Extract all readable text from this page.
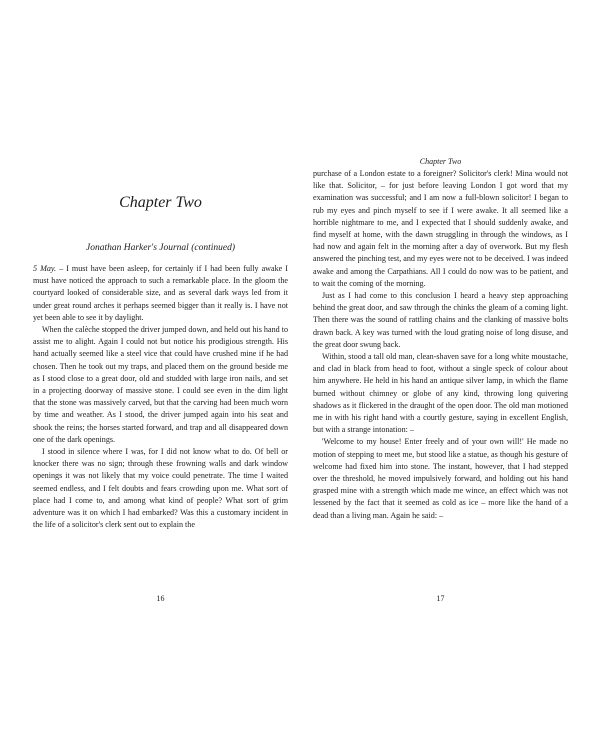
Chapter Two
Jonathan Harker's Journal (continued)

5 May. – I must have been asleep, for certainly if I had been fully awake I must have noticed the approach to such a remarkable place. In the gloom the courtyard looked of considerable size, and as several dark ways led from it under great round arches it perhaps seemed bigger than it really is. I have not yet been able to see it by daylight.

When the calèche stopped the driver jumped down, and held out his hand to assist me to alight. Again I could not but notice his prodigious strength. His hand actually seemed like a steel vice that could have crushed mine if he had chosen. Then he took out my traps, and placed them on the ground beside me as I stood close to a great door, old and studded with large iron nails, and set in a projecting doorway of massive stone. I could see even in the dim light that the stone was massively carved, but that the carving had been much worn by time and weather. As I stood, the driver jumped again into his seat and shook the reins; the horses started forward, and trap and all disappeared down one of the dark openings.

I stood in silence where I was, for I did not know what to do. Of bell or knocker there was no sign; through these frowning walls and dark window openings it was not likely that my voice could penetrate. The time I waited seemed endless, and I felt doubts and fears crowding upon me. What sort of place had I come to, and among what kind of people? What sort of grim adventure was it on which I had embarked? Was this a customary incident in the life of a solicitor's clerk sent out to explain the

16
Chapter Two

purchase of a London estate to a foreigner? Solicitor's clerk! Mina would not like that. Solicitor, – for just before leaving London I got word that my examination was successful; and I am now a full-blown solicitor! I began to rub my eyes and pinch myself to see if I were awake. It all seemed like a horrible nightmare to me, and I expected that I should suddenly awake, and find myself at home, with the dawn struggling in through the windows, as I had now and again felt in the morning after a day of overwork. But my flesh answered the pinching test, and my eyes were not to be deceived. I was indeed awake and among the Carpathians. All I could do now was to be patient, and to wait the coming of the morning.

Just as I had come to this conclusion I heard a heavy step approaching behind the great door, and saw through the chinks the gleam of a coming light. Then there was the sound of rattling chains and the clanking of massive bolts drawn back. A key was turned with the loud grating noise of long disuse, and the great door swung back.

Within, stood a tall old man, clean-shaven save for a long white moustache, and clad in black from head to foot, without a single speck of colour about him anywhere. He held in his hand an antique silver lamp, in which the flame burned without chimney or globe of any kind, throwing long quivering shadows as it flickered in the draught of the open door. The old man motioned me in with his right hand with a courtly gesture, saying in excellent English, but with a strange intonation: –

'Welcome to my house! Enter freely and of your own will!' He made no motion of stepping to meet me, but stood like a statue, as though his gesture of welcome had fixed him into stone. The instant, however, that I had stepped over the threshold, he moved impulsively forward, and holding out his hand grasped mine with a strength which made me wince, an effect which was not lessened by the fact that it seemed as cold as ice – more like the hand of a dead than a living man. Again he said: –

17
